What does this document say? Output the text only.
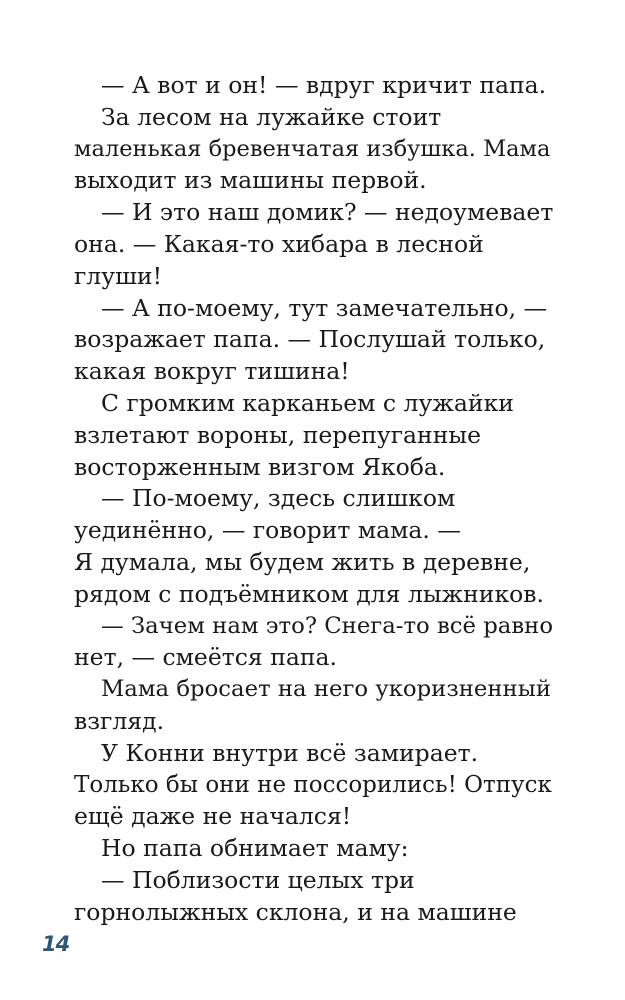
— А вот и он! — вдруг кричит папа.
За лесом на лужайке стоит
маленькая бревенчатая избушка. Мама
выходит из машины первой.
— И это наш домик? — недоумевает
она. — Какая-то хибара в лесной
глуши!
— А по-моему, тут замечательно, —
возражает папа. — Послушай только,
какая вокруг тишина!
С громким карканьем с лужайки
взлетают вороны, перепуганные
восторженным визгом Якоба.
— По-моему, здесь слишком
уединённо, — говорит мама. —
Я думала, мы будем жить в деревне,
рядом с подъёмником для лыжников.
— Зачем нам это? Снега-то всё равно
нет, — смеётся папа.
Мама бросает на него укоризненный
взгляд.
У Конни внутри всё замирает.
Только бы они не поссорились! Отпуск
ещё даже не начался!
Но папа обнимает маму:
— Поблизости целых три
горнолыжных склона, и на машине
14
